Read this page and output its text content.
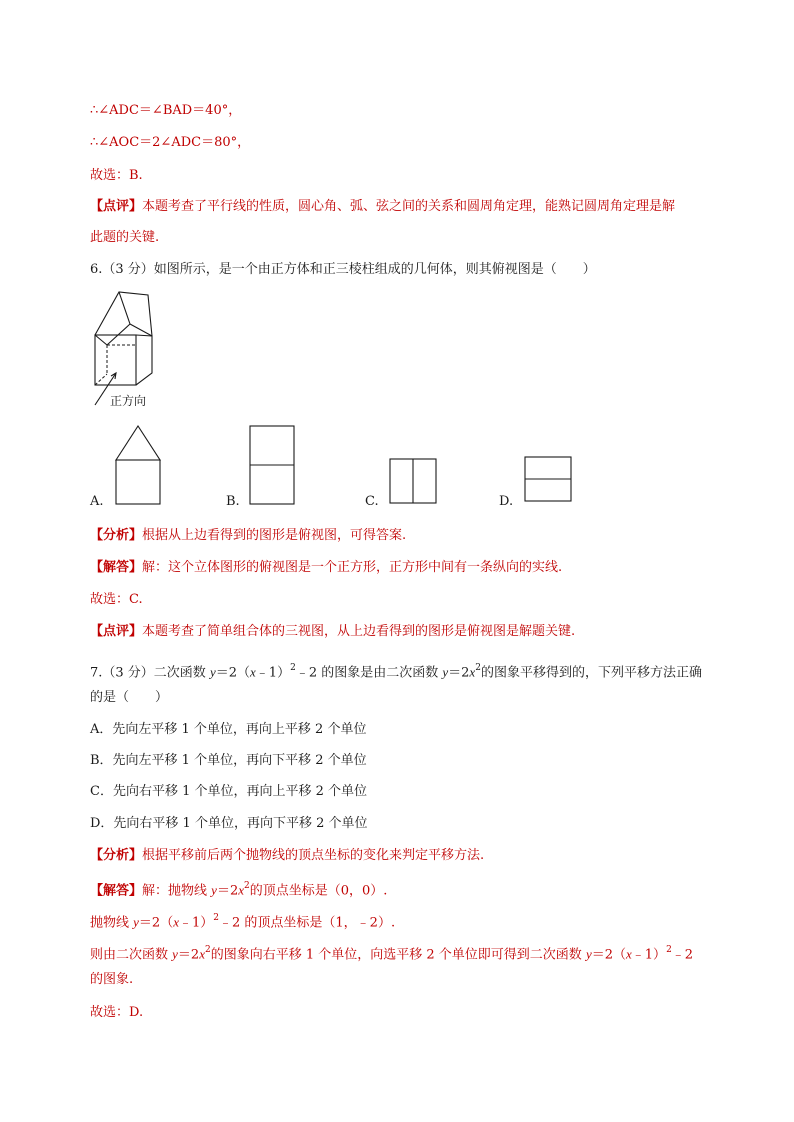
∴∠ADC＝∠BAD＝40°，
∴∠AOC＝2∠ADC＝80°，
故选：B.
【点评】本题考查了平行线的性质，圆心角、弧、弦之间的关系和圆周角定理，能熟记圆周角定理是解
此题的关键.
6.（3 分）如图所示，是一个由正方体和正三棱柱组成的几何体，则其俯视图是（　　）
正方向
A.	B.	C.	D.
【分析】根据从上边看得到的图形是俯视图，可得答案.
【解答】解：这个立体图形的俯视图是一个正方形，正方形中间有一条纵向的实线.
故选：C.
【点评】本题考查了简单组合体的三视图，从上边看得到的图形是俯视图是解题关键.
7.（3 分）二次函数 y＝2（x﹣1）$^2$﹣2 的图象是由二次函数 $y=2x^2$的图象平移得到的，下列平移方法正确
的是（　　）
A．先向左平移 1 个单位，再向上平移 2 个单位
B．先向左平移 1 个单位，再向下平移 2 个单位
C．先向右平移 1 个单位，再向上平移 2 个单位
D．先向右平移 1 个单位，再向下平移 2 个单位
【分析】根据平移前后两个抛物线的顶点坐标的变化来判定平移方法.
【解答】解：抛物线 $y=2x^2$的顶点坐标是（0，0）.
抛物线 y＝2（x﹣1）$^2$﹣2 的顶点坐标是（1，﹣2）.
则由二次函数 $y=2x^2$的图象向右平移 1 个单位，向选平移 2 个单位即可得到二次函数 y＝2（x﹣1）$^2$﹣2
的图象.
故选：D.
